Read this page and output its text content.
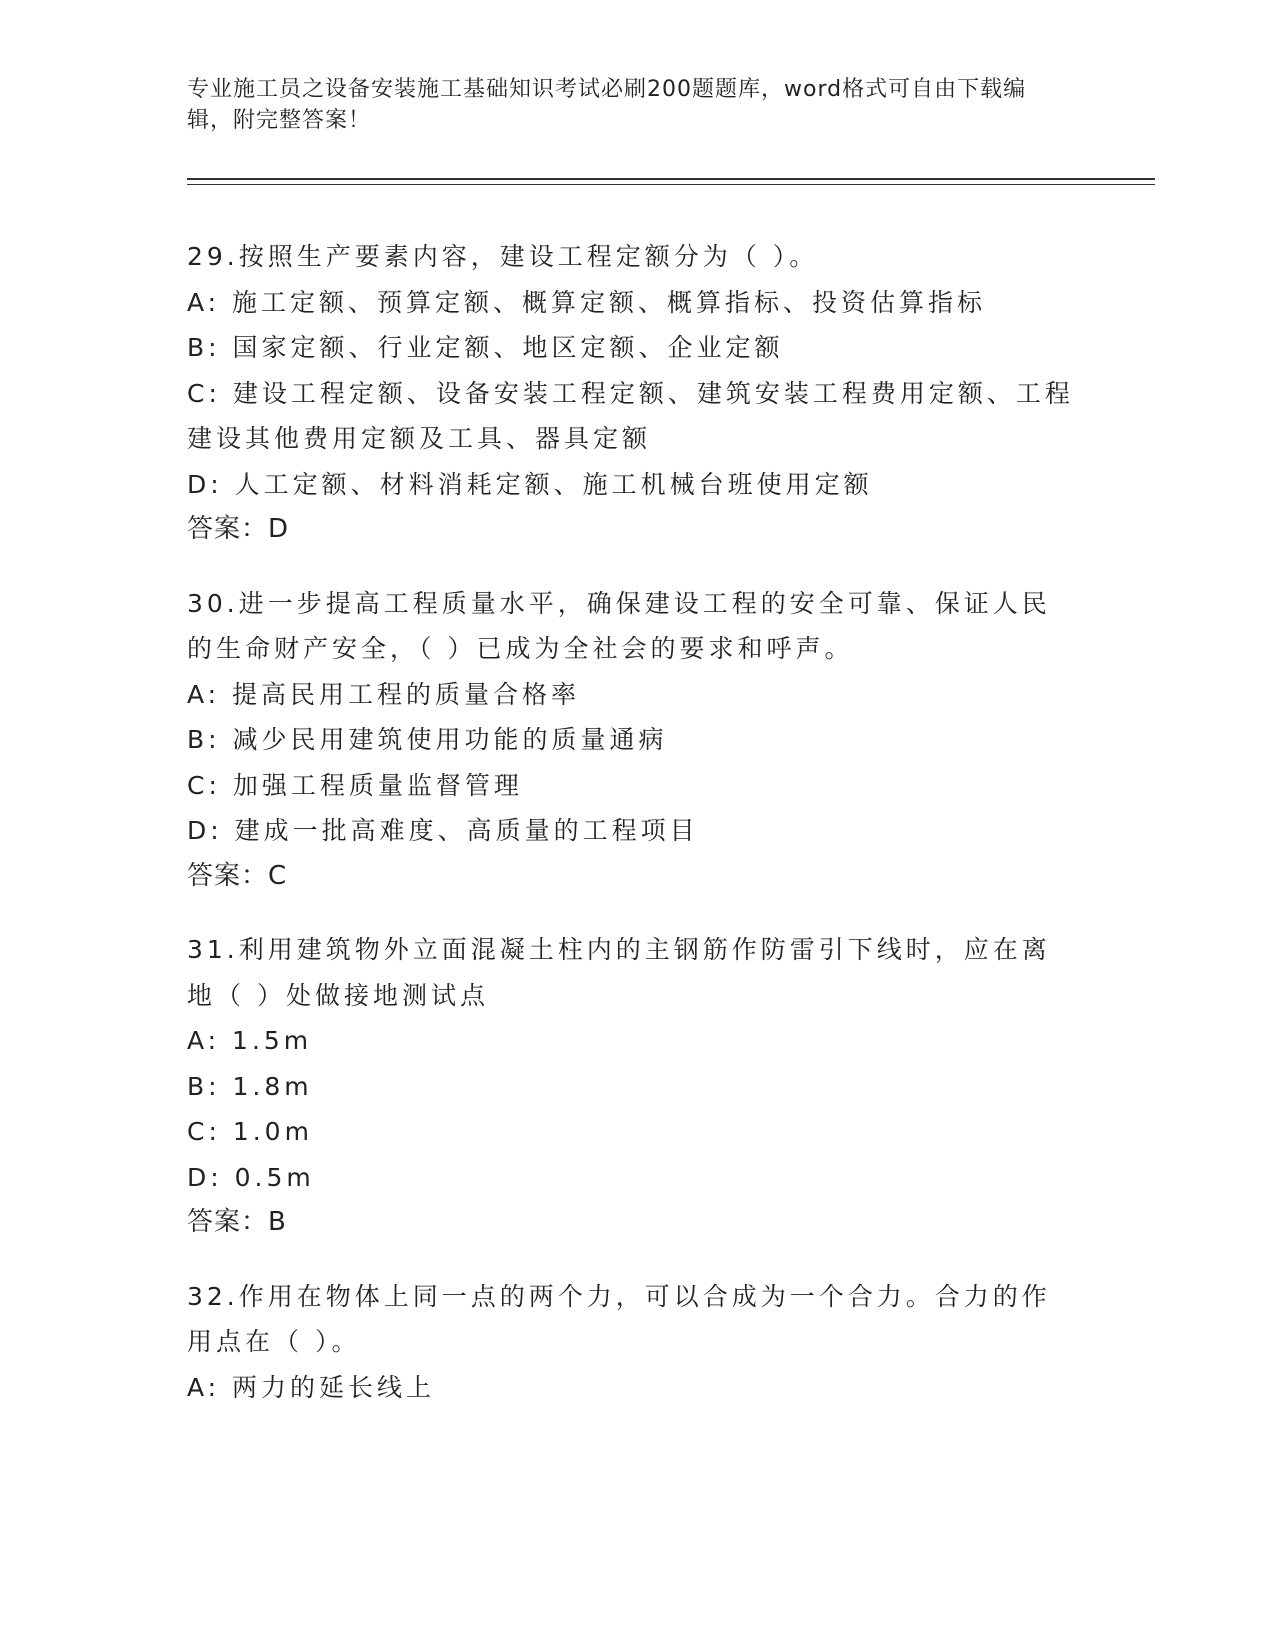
专业施工员之设备安装施工基础知识考试必刷200题题库，word格式可自由下载编辑，附完整答案！
29.按照生产要素内容，建设工程定额分为（ ）。
A: 施工定额、预算定额、概算定额、概算指标、投资估算指标
B: 国家定额、行业定额、地区定额、企业定额
C: 建设工程定额、设备安装工程定额、建筑安装工程费用定额、工程建设其他费用定额及工具、器具定额
D: 人工定额、材料消耗定额、施工机械台班使用定额
答案：D
30.进一步提高工程质量水平，确保建设工程的安全可靠、保证人民的生命财产安全，（ ）已成为全社会的要求和呼声。
A: 提高民用工程的质量合格率
B: 减少民用建筑使用功能的质量通病
C: 加强工程质量监督管理
D: 建成一批高难度、高质量的工程项目
答案：C
31.利用建筑物外立面混凝土柱内的主钢筋作防雷引下线时，应在离地（ ）处做接地测试点
A: 1.5m
B: 1.8m
C: 1.0m
D: 0.5m
答案：B
32.作用在物体上同一点的两个力，可以合成为一个合力。合力的作用点在（ ）。
A: 两力的延长线上
